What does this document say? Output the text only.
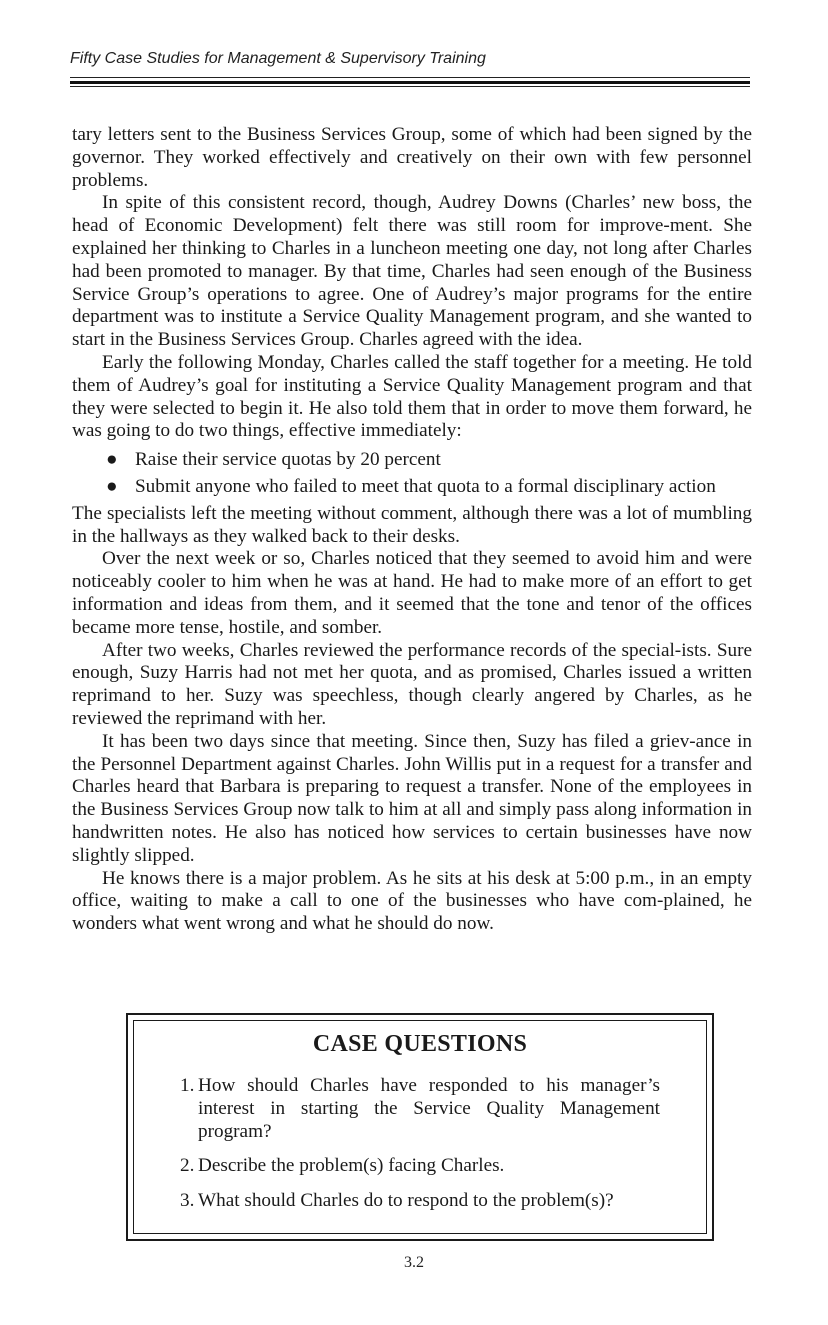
Fifty Case Studies for Management & Supervisory Training

tary letters sent to the Business Services Group, some of which had been signed by the governor. They worked effectively and creatively on their own with few personnel problems.

In spite of this consistent record, though, Audrey Downs (Charles’ new boss, the head of Economic Development) felt there was still room for improve-ment. She explained her thinking to Charles in a luncheon meeting one day, not long after Charles had been promoted to manager. By that time, Charles had seen enough of the Business Service Group’s operations to agree. One of Audrey’s major programs for the entire department was to institute a Service Quality Management program, and she wanted to start in the Business Services Group. Charles agreed with the idea.

Early the following Monday, Charles called the staff together for a meeting. He told them of Audrey’s goal for instituting a Service Quality Management program and that they were selected to begin it. He also told them that in order to move them forward, he was going to do two things, effective immediately:

● Raise their service quotas by 20 percent
● Submit anyone who failed to meet that quota to a formal disciplinary action

The specialists left the meeting without comment, although there was a lot of mumbling in the hallways as they walked back to their desks.

Over the next week or so, Charles noticed that they seemed to avoid him and were noticeably cooler to him when he was at hand. He had to make more of an effort to get information and ideas from them, and it seemed that the tone and tenor of the offices became more tense, hostile, and somber.

After two weeks, Charles reviewed the performance records of the special-ists. Sure enough, Suzy Harris had not met her quota, and as promised, Charles issued a written reprimand to her. Suzy was speechless, though clearly angered by Charles, as he reviewed the reprimand with her.

It has been two days since that meeting. Since then, Suzy has filed a griev-ance in the Personnel Department against Charles. John Willis put in a request for a transfer and Charles heard that Barbara is preparing to request a transfer. None of the employees in the Business Services Group now talk to him at all and simply pass along information in handwritten notes. He also has noticed how services to certain businesses have now slightly slipped.

He knows there is a major problem. As he sits at his desk at 5:00 p.m., in an empty office, waiting to make a call to one of the businesses who have com-plained, he wonders what went wrong and what he should do now.

CASE QUESTIONS
1. How should Charles have responded to his manager’s interest in starting the Service Quality Management program?
2. Describe the problem(s) facing Charles.
3. What should Charles do to respond to the problem(s)?
3.2
